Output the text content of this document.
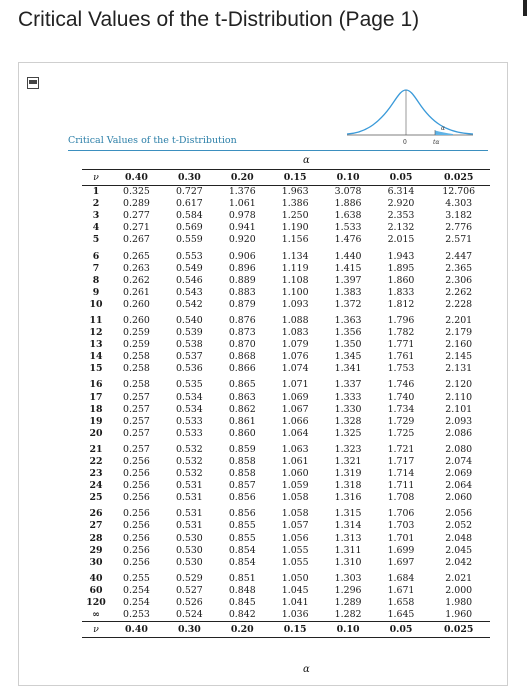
Critical Values of the t-Distribution (Page 1)
Critical Values of the t-Distribution	0	tα
α
α
α
ν	0.40	0.30	0.20	0.15	0.10	0.05	0.025
1	0.325	0.727	1.376	1.963	3.078	6.314	12.706
2	0.289	0.617	1.061	1.386	1.886	2.920	4.303
3	0.277	0.584	0.978	1.250	1.638	2.353	3.182
4	0.271	0.569	0.941	1.190	1.533	2.132	2.776
5	0.267	0.559	0.920	1.156	1.476	2.015	2.571
6	0.265	0.553	0.906	1.134	1.440	1.943	2.447
7	0.263	0.549	0.896	1.119	1.415	1.895	2.365
8	0.262	0.546	0.889	1.108	1.397	1.860	2.306
9	0.261	0.543	0.883	1.100	1.383	1.833	2.262
10	0.260	0.542	0.879	1.093	1.372	1.812	2.228
11	0.260	0.540	0.876	1.088	1.363	1.796	2.201
12	0.259	0.539	0.873	1.083	1.356	1.782	2.179
13	0.259	0.538	0.870	1.079	1.350	1.771	2.160
14	0.258	0.537	0.868	1.076	1.345	1.761	2.145
15	0.258	0.536	0.866	1.074	1.341	1.753	2.131
16	0.258	0.535	0.865	1.071	1.337	1.746	2.120
17	0.257	0.534	0.863	1.069	1.333	1.740	2.110
18	0.257	0.534	0.862	1.067	1.330	1.734	2.101
19	0.257	0.533	0.861	1.066	1.328	1.729	2.093
20	0.257	0.533	0.860	1.064	1.325	1.725	2.086
21	0.257	0.532	0.859	1.063	1.323	1.721	2.080
22	0.256	0.532	0.858	1.061	1.321	1.717	2.074
23	0.256	0.532	0.858	1.060	1.319	1.714	2.069
24	0.256	0.531	0.857	1.059	1.318	1.711	2.064
25	0.256	0.531	0.856	1.058	1.316	1.708	2.060
26	0.256	0.531	0.856	1.058	1.315	1.706	2.056
27	0.256	0.531	0.855	1.057	1.314	1.703	2.052
28	0.256	0.530	0.855	1.056	1.313	1.701	2.048
29	0.256	0.530	0.854	1.055	1.311	1.699	2.045
30	0.256	0.530	0.854	1.055	1.310	1.697	2.042
40	0.255	0.529	0.851	1.050	1.303	1.684	2.021
60	0.254	0.527	0.848	1.045	1.296	1.671	2.000
120	0.254	0.526	0.845	1.041	1.289	1.658	1.980
∞	0.253	0.524	0.842	1.036	1.282	1.645	1.960
ν	0.40	0.30	0.20	0.15	0.10	0.05	0.025
